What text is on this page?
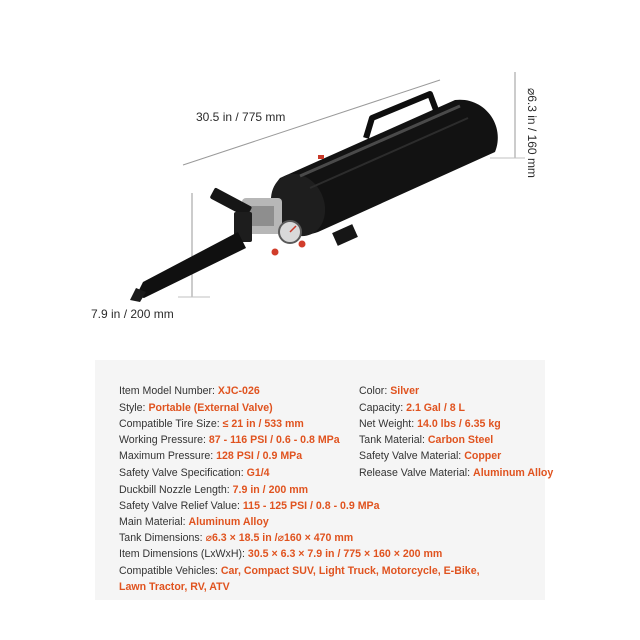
30.5 in / 775 mm
7.9 in / 200 mm
⌀6.3 in / 160 mm
Item Model Number: XJC-026
Style: Portable (External Valve)
Compatible Tire Size: ≤ 21 in / 533 mm
Working Pressure: 87 - 116 PSI / 0.6 - 0.8 MPa
Maximum Pressure: 128 PSI / 0.9 MPa
Safety Valve Specification: G1/4
Duckbill Nozzle Length: 7.9 in / 200 mm
Safety Valve Relief Value: 115 - 125 PSI / 0.8 - 0.9 MPa
Main Material: Aluminum Alloy
Tank Dimensions: ⌀6.3 × 18.5 in /⌀160 × 470 mm
Item Dimensions (LxWxH): 30.5 × 6.3 × 7.9 in / 775 × 160 × 200 mm
Compatible Vehicles: Car, Compact SUV, Light Truck, Motorcycle, E-Bike,
Lawn Tractor, RV, ATV
Color: Silver
Capacity: 2.1 Gal / 8 L
Net Weight: 14.0 lbs / 6.35 kg
Tank Material: Carbon Steel
Safety Valve Material: Copper
Release Valve Material: Aluminum Alloy
